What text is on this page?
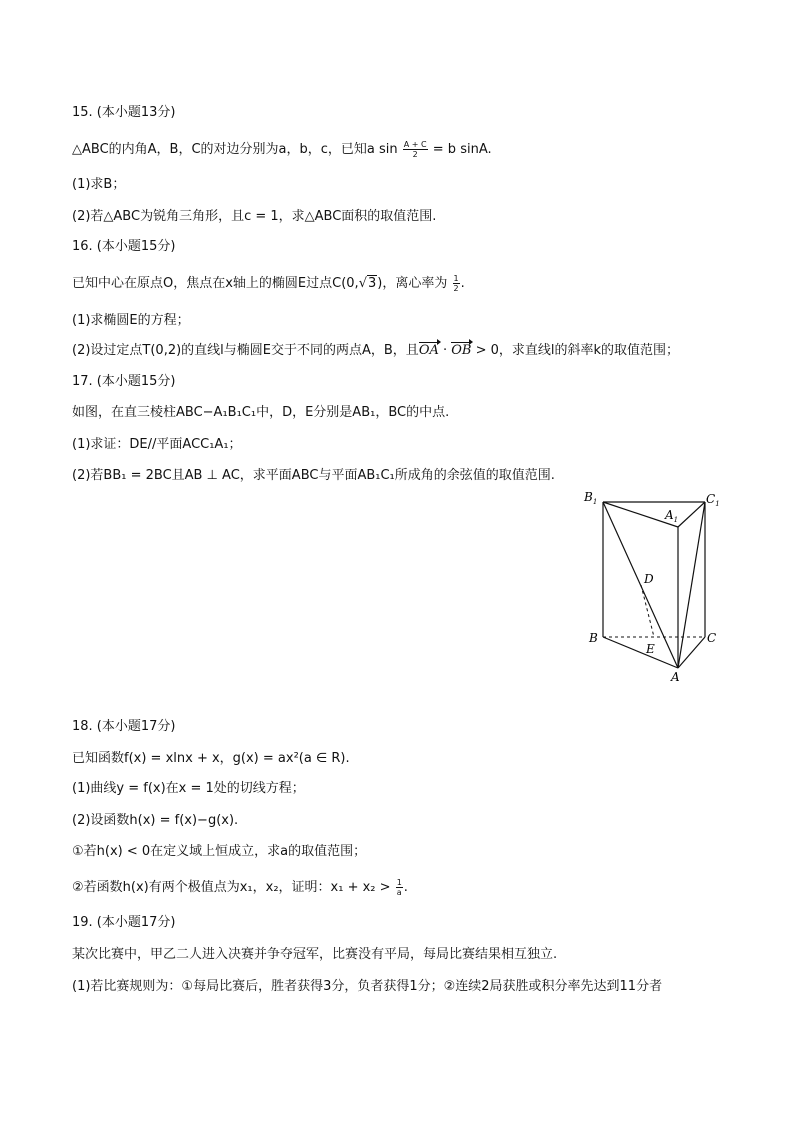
15. (本小题13分)
△ABC的内角A，B，C的对边分别为a，b，c，已知a $\sin \frac{A + C}{2} = b$ sinA.
(1)求B；
(2)若△ABC为锐角三角形，且c = 1，求△ABC面积的取值范围.
16. (本小题15分)
已知中心在原点O，焦点在x轴上的椭圆E过点C(0,√3)，离心率为 $\frac{1}{2}$ .
(1)求椭圆E的方程；
(2)设过定点T(0,2)的直线l与椭圆E交于不同的两点A，B，且OA · OB > 0，求直线l的斜率k的取值范围；
17. (本小题15分)
如图，在直三棱柱ABC−A₁B₁C₁中，D，E分别是AB₁，BC的中点.
(1)求证：DE//平面ACC₁A₁；
(2)若BB₁ = 2BC且AB ⊥ AC，求平面ABC与平面AB₁C₁所成角的余弦值的取值范围.
$B_1$
$A_1$
$C_1$
D
B
E
C
A
18. (本小题17分)
已知函数f(x) = xlnx + x，g(x) = ax²(a ∈ R).
(1)曲线y = f(x)在x = 1处的切线方程；
(2)设函数h(x) = f(x)−g(x).
①若h(x) < 0在定义域上恒成立，求a的取值范围；
②若函数h(x)有两个极值点为x₁，x₂，证明：$x_1 + x_2 > \frac{1}{a}$ .
19. (本小题17分)
某次比赛中，甲乙二人进入决赛并争夺冠军，比赛没有平局，每局比赛结果相互独立.
(1)若比赛规则为：①每局比赛后，胜者获得3分，负者获得1分；②连续2局获胜或积分率先达到11分者
